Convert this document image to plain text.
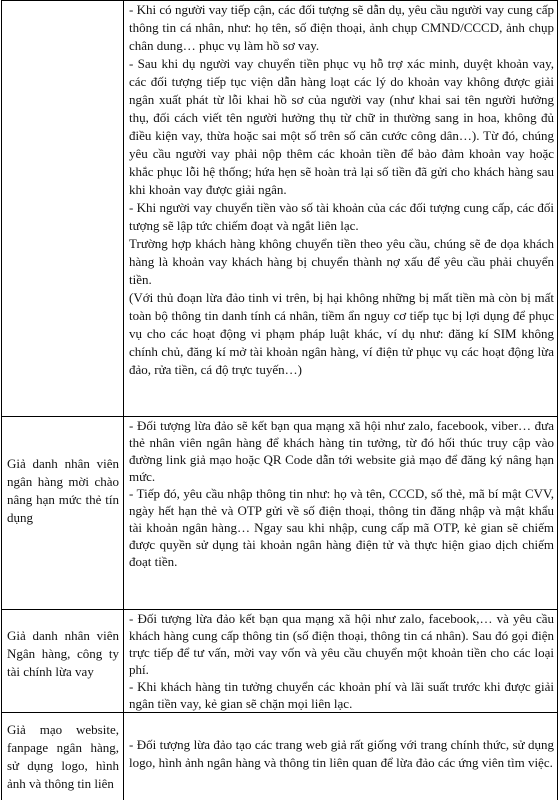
	- Khi có người vay tiếp cận, các đối tượng sẽ dẫn dụ, yêu cầu người vay cung cấp thông tin cá nhân, như: họ tên, số điện thoại, ảnh chụp CMND/CCCD, ảnh chụp chân dung… phục vụ làm hồ sơ vay.

- Sau khi dụ người vay chuyển tiền phục vụ hỗ trợ xác minh, duyệt khoản vay, các đối tượng tiếp tục viện dẫn hàng loạt các lý do khoản vay không được giải ngân xuất phát từ lỗi khai hồ sơ của người vay (như khai sai tên người hưởng thụ, đối cách viết tên người hưởng thụ từ chữ in thường sang in hoa, không đủ điều kiện vay, thừa hoặc sai một số trên số căn cước công dân…). Từ đó, chúng yêu cầu người vay phải nộp thêm các khoản tiền để bảo đảm khoản vay hoặc khắc phục lỗi hệ thống; hứa hẹn sẽ hoàn trả lại số tiền đã gửi cho khách hàng sau khi khoản vay được giải ngân.

- Khi người vay chuyển tiền vào số tài khoản của các đối tượng cung cấp, các đối tượng sẽ lập tức chiếm đoạt và ngắt liên lạc.

Trường hợp khách hàng không chuyển tiền theo yêu cầu, chúng sẽ đe dọa khách hàng là khoản vay khách hàng bị chuyển thành nợ xấu để yêu cầu phải chuyển tiền.

(Với thủ đoạn lừa đảo tinh vi trên, bị hại không những bị mất tiền mà còn bị mất toàn bộ thông tin danh tính cá nhân, tiềm ẩn nguy cơ tiếp tục bị lợi dụng để phục vụ cho các hoạt động vi phạm pháp luật khác, ví dụ như: đăng kí SIM không chính chủ, đăng kí mở tài khoản ngân hàng, ví điện tử phục vụ các hoạt động lừa đảo, rửa tiền, cá độ trực tuyến…)

Giả danh nhân viên ngân hàng mời chào nâng hạn mức thẻ tín dụng	- Đối tượng lừa đảo sẽ kết bạn qua mạng xã hội như zalo, facebook, viber… đưa thẻ nhân viên ngân hàng để khách hàng tin tưởng, từ đó hối thúc truy cập vào đường link giả mạo hoặc QR Code dẫn tới website giả mạo để đăng ký nâng hạn mức.

- Tiếp đó, yêu cầu nhập thông tin như: họ và tên, CCCD, số thẻ, mã bí mật CVV, ngày hết hạn thẻ và OTP gửi về số điện thoại, thông tin đăng nhập và mật khẩu tài khoản ngân hàng… Ngay sau khi nhập, cung cấp mã OTP, kẻ gian sẽ chiếm được quyền sử dụng tài khoản ngân hàng điện tử và thực hiện giao dịch chiếm đoạt tiền.

Giả danh nhân viên Ngân hàng, công ty tài chính lừa vay	- Đối tượng lừa đảo kết bạn qua mạng xã hội như zalo, facebook,… và yêu cầu khách hàng cung cấp thông tin (số điện thoại, thông tin cá nhân). Sau đó gọi điện trực tiếp để tư vấn, mời vay vốn và yêu cầu chuyển một khoản tiền cho các loại phí.

- Khi khách hàng tin tưởng chuyển các khoản phí và lãi suất trước khi được giải ngân tiền vay, kẻ gian sẽ chặn mọi liên lạc.

Giả mạo website, fanpage ngân hàng, sử dụng logo, hình ảnh và thông tin liên	- Đối tượng lừa đảo tạo các trang web giả rất giống với trang chính thức, sử dụng logo, hình ảnh ngân hàng và thông tin liên quan để lừa đảo các ứng viên tìm việc.
